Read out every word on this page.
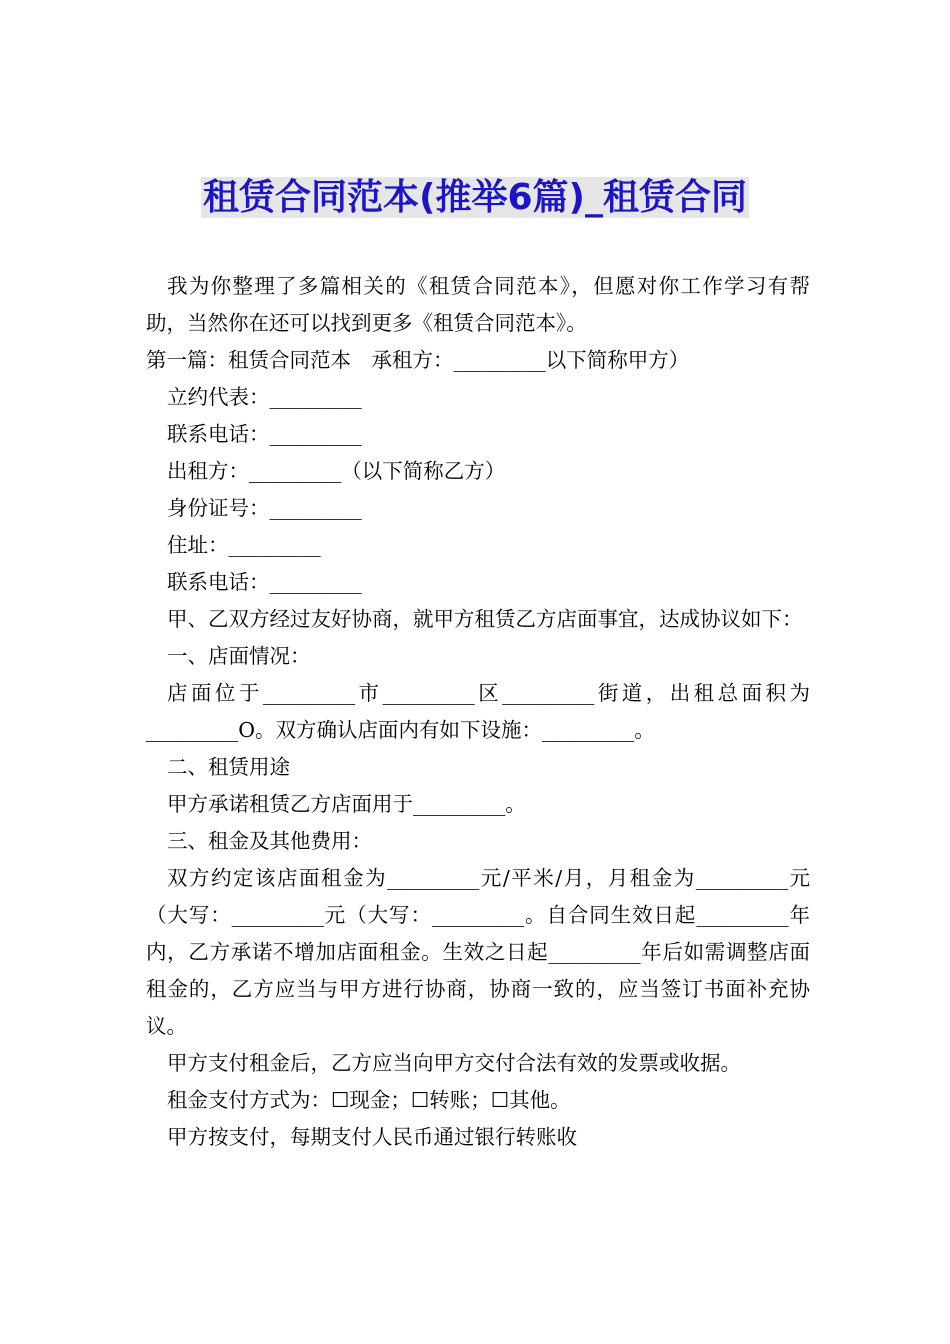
租赁合同范本(推举6篇)_租赁合同

我为你整理了多篇相关的《租赁合同范本》，但愿对你工作学习有帮助，当然你在还可以找到更多《租赁合同范本》。

第一篇：租赁合同范本　承租方：_________以下简称甲方）

立约代表：_________

联系电话：_________

出租方：_________（以下简称乙方）

身份证号：_________

住址：_________

联系电话：_________

甲、乙双方经过友好协商，就甲方租赁乙方店面事宜，达成协议如下：

一、店面情况：

店面位于_________市_________区_________街道，出租总面积为_________O。双方确认店面内有如下设施：_________。

二、租赁用途

甲方承诺租赁乙方店面用于_________。

三、租金及其他费用：

双方约定该店面租金为_________元/平米/月，月租金为_________元（大写：_________元（大写：_________。自合同生效日起_________年内，乙方承诺不增加店面租金。生效之日起_________年后如需调整店面租金的，乙方应当与甲方进行协商，协商一致的，应当签订书面补充协议。

甲方支付租金后，乙方应当向甲方交付合法有效的发票或收据。

租金支付方式为：☐现金；☐转账；☐其他。

甲方按支付，每期支付人民币通过银行转账收
